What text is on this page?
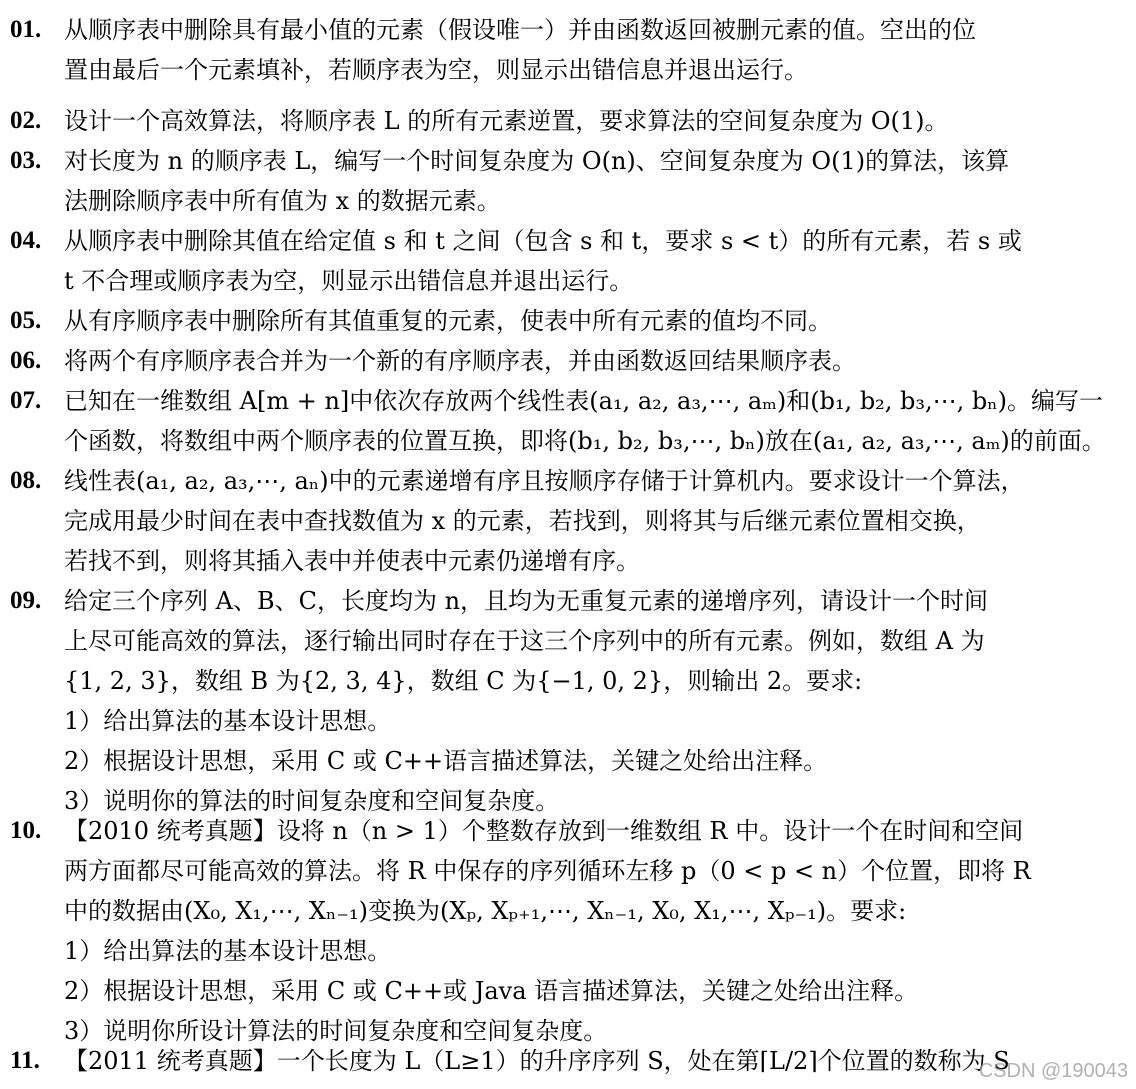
01. 从顺序表中删除具有最小值的元素（假设唯一）并由函数返回被删元素的值。空出的位
置由最后一个元素填补，若顺序表为空，则显示出错信息并退出运行。
02. 设计一个高效算法，将顺序表 L 的所有元素逆置，要求算法的空间复杂度为 O(1)。
03. 对长度为 n 的顺序表 L，编写一个时间复杂度为 O(n)、空间复杂度为 O(1)的算法，该算
法删除顺序表中所有值为 x 的数据元素。
04. 从顺序表中删除其值在给定值 s 和 t 之间（包含 s 和 t，要求 s < t）的所有元素，若 s 或
t 不合理或顺序表为空，则显示出错信息并退出运行。
05. 从有序顺序表中删除所有其值重复的元素，使表中所有元素的值均不同。
06. 将两个有序顺序表合并为一个新的有序顺序表，并由函数返回结果顺序表。
07. 已知在一维数组 A[m + n]中依次存放两个线性表(a₁, a₂, a₃,⋯, aₘ)和(b₁, b₂, b₃,⋯, bₙ)。编写一
个函数，将数组中两个顺序表的位置互换，即将(b₁, b₂, b₃,⋯, bₙ)放在(a₁, a₂, a₃,⋯, aₘ)的前面。
08. 线性表(a₁, a₂, a₃,⋯, aₙ)中的元素递增有序且按顺序存储于计算机内。要求设计一个算法，
完成用最少时间在表中查找数值为 x 的元素，若找到，则将其与后继元素位置相交换，
若找不到，则将其插入表中并使表中元素仍递增有序。
09. 给定三个序列 A、B、C，长度均为 n，且均为无重复元素的递增序列，请设计一个时间
上尽可能高效的算法，逐行输出同时存在于这三个序列中的所有元素。例如，数组 A 为
{1, 2, 3}，数组 B 为{2, 3, 4}，数组 C 为{−1, 0, 2}，则输出 2。要求:
1）给出算法的基本设计思想。
2）根据设计思想，采用 C 或 C++语言描述算法，关键之处给出注释。
3）说明你的算法的时间复杂度和空间复杂度。
10. 【2010 统考真题】设将 n（n > 1）个整数存放到一维数组 R 中。设计一个在时间和空间
两方面都尽可能高效的算法。将 R 中保存的序列循环左移 p（0 < p < n）个位置，即将 R
中的数据由(X₀, X₁,⋯, Xₙ₋₁)变换为(Xₚ, Xₚ₊₁,⋯, Xₙ₋₁, X₀, X₁,⋯, Xₚ₋₁)。要求:
1）给出算法的基本设计思想。
2）根据设计思想，采用 C 或 C++或 Java 语言描述算法，关键之处给出注释。
3）说明你所设计算法的时间复杂度和空间复杂度。
11. 【2011 统考真题】一个长度为 L（L≥1）的升序序列 S，处在第⌈L/2⌉个位置的数称为 S
CSDN @190043
